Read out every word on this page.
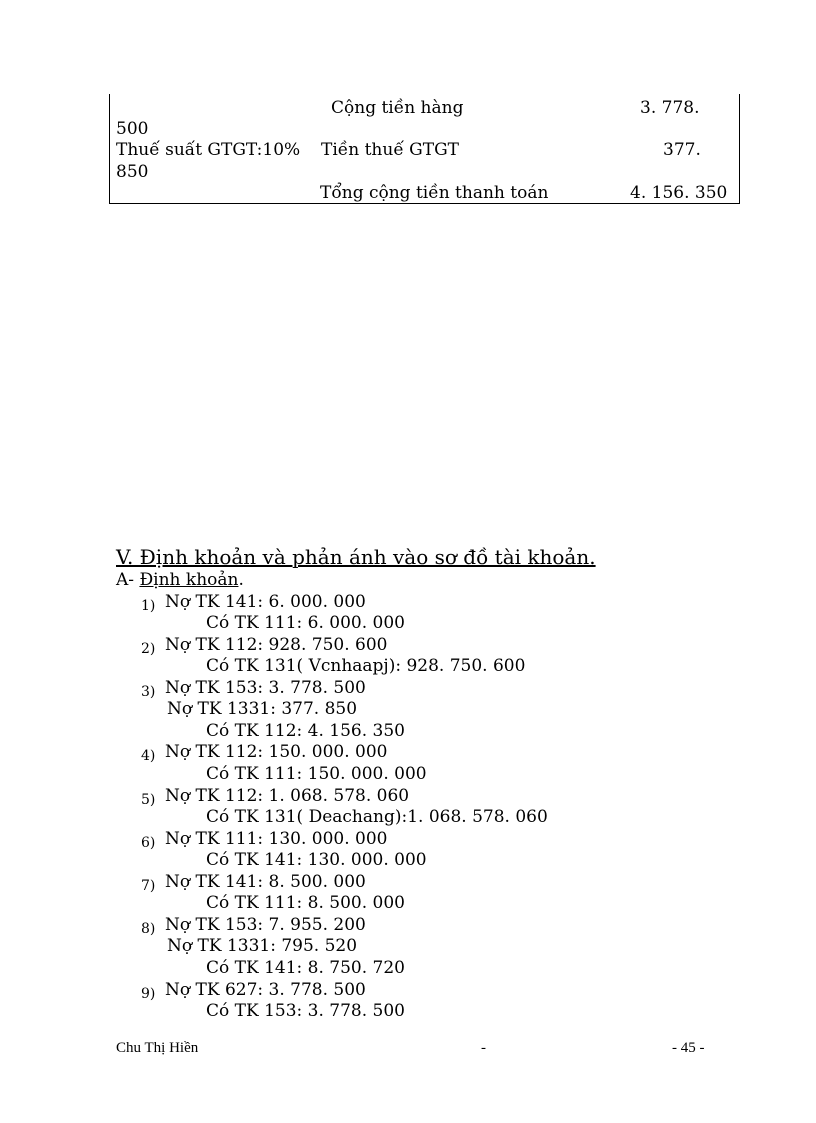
Cộng tiền hàng	3. 778.
500
Thuế suất GTGT:10% Tiền thuế GTGT	377.
850
Tổng cộng tiền thanh toán	4. 156. 350
V. Định khoản và phản ánh vào sơ đồ tài khoản.
A- Định khoản.
1) Nợ TK 141: 6. 000. 000
Có TK 111: 6. 000. 000
2) Nợ TK 112: 928. 750. 600
Có TK 131( Vcnhaapj): 928. 750. 600
3) Nợ TK 153: 3. 778. 500
Nợ TK 1331: 377. 850
Có TK 112: 4. 156. 350
4) Nợ TK 112: 150. 000. 000
Có TK 111: 150. 000. 000
5) Nợ TK 112: 1. 068. 578. 060
Có TK 131( Deachang):1. 068. 578. 060
6) Nợ TK 111: 130. 000. 000
Có TK 141: 130. 000. 000
7) Nợ TK 141: 8. 500. 000
Có TK 111: 8. 500. 000
8) Nợ TK 153: 7. 955. 200
Nợ TK 1331: 795. 520
Có TK 141: 8. 750. 720
9) Nợ TK 627: 3. 778. 500
Có TK 153: 3. 778. 500
Chu Thị Hiền	-	- 45 -
